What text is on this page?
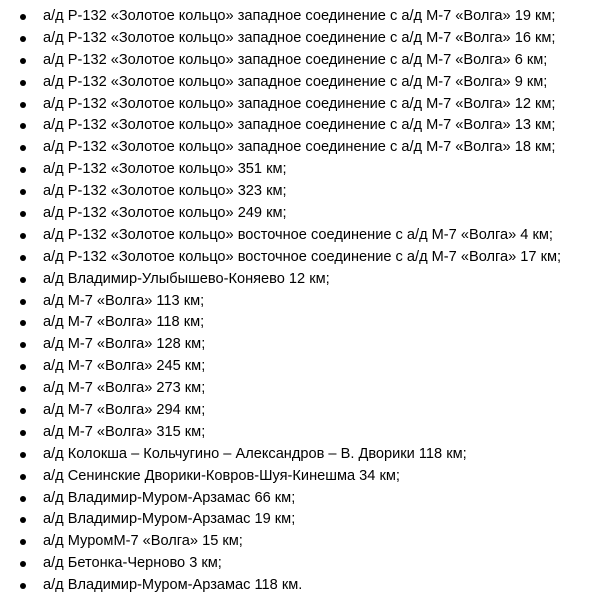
а/д Р-132 «Золотое кольцо» западное соединение с а/д М-7 «Волга» 19 км;
а/д Р-132 «Золотое кольцо» западное соединение с а/д М-7 «Волга» 16 км;
а/д Р-132 «Золотое кольцо» западное соединение с а/д М-7 «Волга» 6 км;
а/д Р-132 «Золотое кольцо» западное соединение с а/д М-7 «Волга» 9 км;
а/д Р-132 «Золотое кольцо» западное соединение с а/д М-7 «Волга» 12 км;
а/д Р-132 «Золотое кольцо» западное соединение с а/д М-7 «Волга» 13 км;
а/д Р-132 «Золотое кольцо» западное соединение с а/д М-7 «Волга» 18 км;
а/д Р-132 «Золотое кольцо» 351 км;
а/д Р-132 «Золотое кольцо» 323 км;
а/д Р-132 «Золотое кольцо» 249 км;
а/д Р-132 «Золотое кольцо» восточное соединение с а/д М-7 «Волга» 4 км;
а/д Р-132 «Золотое кольцо» восточное соединение с а/д М-7 «Волга» 17 км;
а/д Владимир-Улыбышево-Коняево 12 км;
а/д М-7 «Волга» 113 км;
а/д М-7 «Волга» 118 км;
а/д М-7 «Волга» 128 км;
а/д М-7 «Волга» 245 км;
а/д М-7 «Волга» 273 км;
а/д М-7 «Волга» 294 км;
а/д М-7 «Волга» 315 км;
а/д Колокша – Кольчугино – Александров – В. Дворики 118 км;
а/д Сенинские Дворики-Ковров-Шуя-Кинешма 34 км;
а/д Владимир-Муром-Арзамас 66 км;
а/д Владимир-Муром-Арзамас 19 км;
а/д МуромМ-7 «Волга» 15 км;
а/д Бетонка-Черново 3 км;
а/д Владимир-Муром-Арзамас 118 км.
